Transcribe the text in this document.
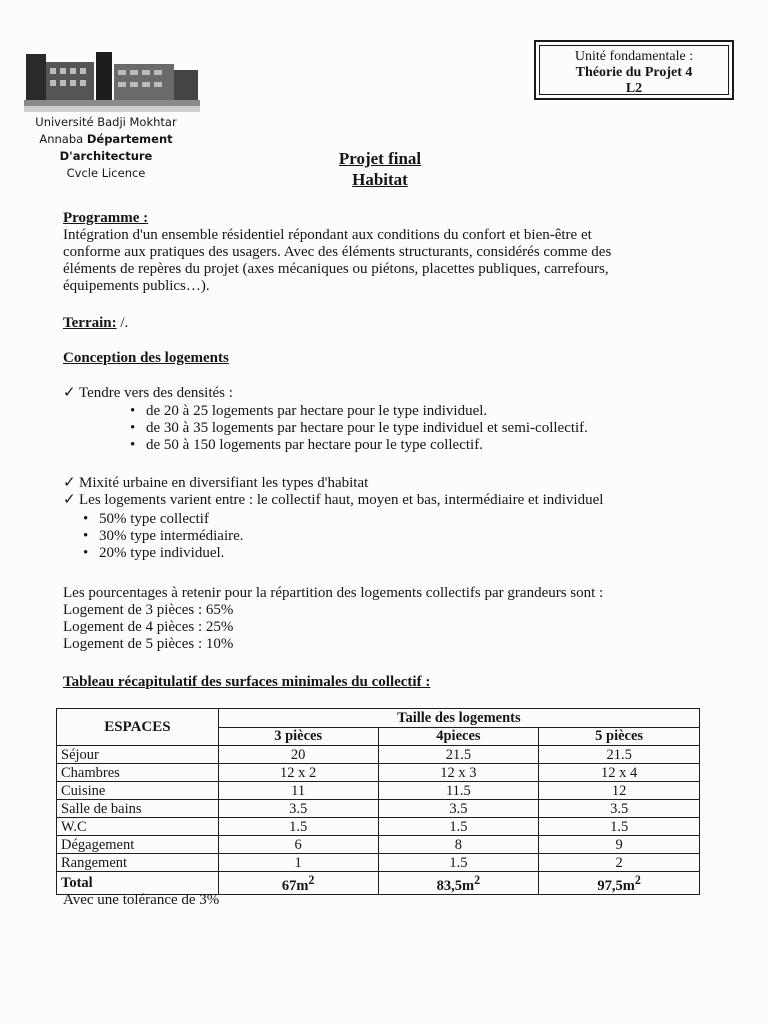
Université Badji Mokhtar
Annaba Département
D'architecture
Cvcle Licence
Unité fondamentale :
Théorie du Projet 4
L2
Projet final
Habitat
Programme :
Intégration d'un ensemble résidentiel répondant aux conditions du confort et bien-être et
conforme aux pratiques des usagers. Avec des éléments structurants, considérés comme des
éléments de repères du projet (axes mécaniques ou piétons, placettes publiques, carrefours,
équipements publics…).
Terrain: /.
Conception des logements
✓ Tendre vers des densités :
• de 20 à 25 logements par hectare pour le type individuel.
• de 30 à 35 logements par hectare pour le type individuel et semi-collectif.
• de 50 à 150 logements par hectare pour le type collectif.
✓ Mixité urbaine en diversifiant les types d'habitat
✓ Les logements varient entre : le collectif haut, moyen et bas, intermédiaire et individuel
• 50% type collectif
• 30% type intermédiaire.
• 20% type individuel.
Les pourcentages à retenir pour la répartition des logements collectifs par grandeurs sont :
Logement de 3 pièces : 65%
Logement de 4 pièces : 25%
Logement de 5 pièces : 10%
Tableau récapitulatif des surfaces minimales du collectif :
ESPACES	Taille des logements		
	3 pièces	4pieces	5 pièces
Séjour	20	21.5	21.5
Chambres	12 x 2	12 x 3	12 x 4
Cuisine	11	11.5	12
Salle de bains	3.5	3.5	3.5
W.C	1.5	1.5	1.5
Dégagement	6	8	9
Rangement	1	1.5	2
Total	$67m^2$	$83,5m^2$	$97,5m^2$
Avec une tolérance de 3%
